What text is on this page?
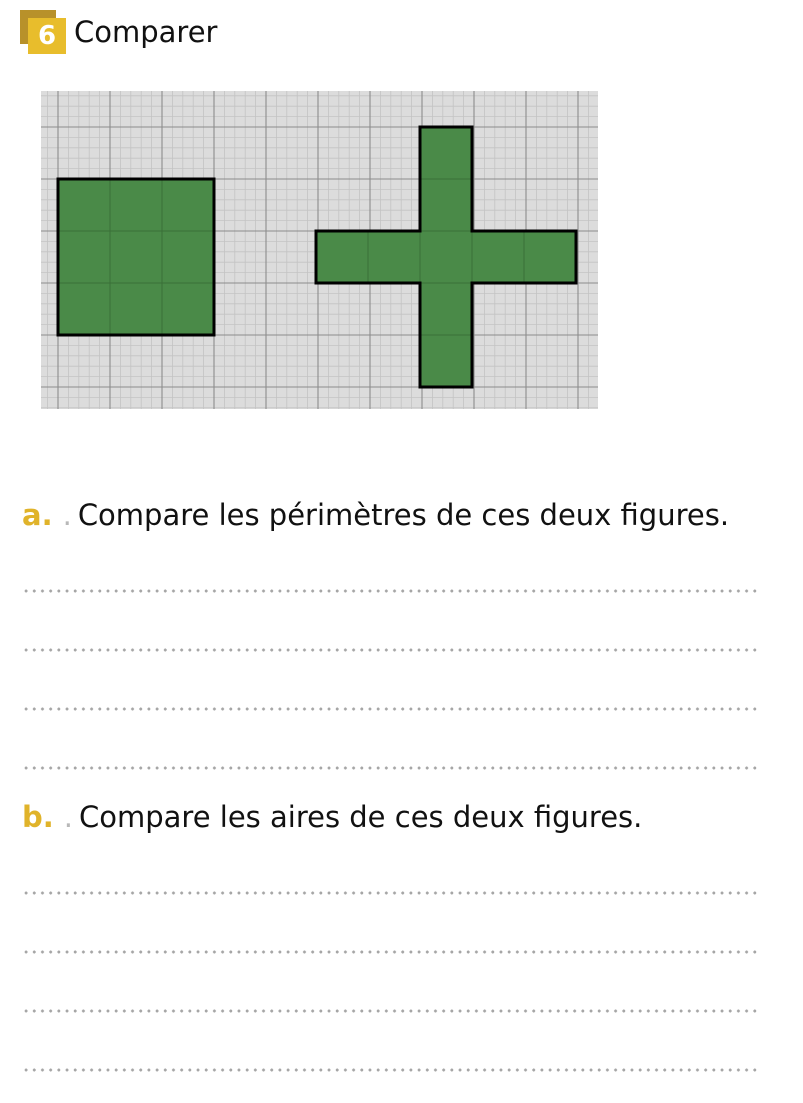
6 Comparer
a. . Compare les périmètres de ces deux figures.
b. . Compare les aires de ces deux figures.
